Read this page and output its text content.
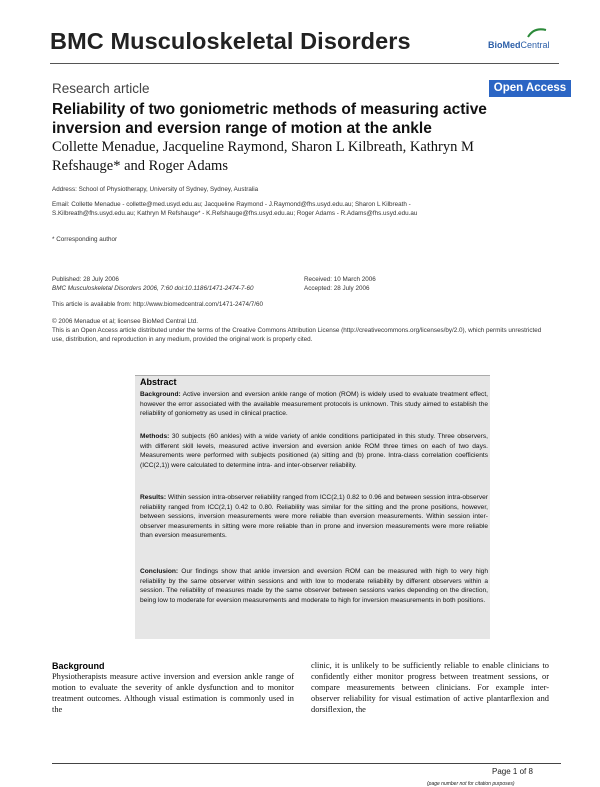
BMC Musculoskeletal Disorders	BioMedCentral
Research article	Open Access
Reliability of two goniometric methods of measuring active inversion and eversion range of motion at the ankle
Collette Menadue, Jacqueline Raymond, Sharon L Kilbreath, Kathryn M Refshauge* and Roger Adams
Address: School of Physiotherapy, University of Sydney, Sydney, Australia
Email: Collette Menadue - collette@med.usyd.edu.au; Jacqueline Raymond - J.Raymond@fhs.usyd.edu.au; Sharon L Kilbreath - S.Kilbreath@fhs.usyd.edu.au; Kathryn M Refshauge* - K.Refshauge@fhs.usyd.edu.au; Roger Adams - R.Adams@fhs.usyd.edu.au
* Corresponding author
Published: 28 July 2006
BMC Musculoskeletal Disorders 2006, 7:60 doi:10.1186/1471-2474-7-60
Received: 10 March 2006
Accepted: 28 July 2006
This article is available from: http://www.biomedcentral.com/1471-2474/7/60
© 2006 Menadue et al; licensee BioMed Central Ltd.
This is an Open Access article distributed under the terms of the Creative Commons Attribution License (http://creativecommons.org/licenses/by/2.0), which permits unrestricted use, distribution, and reproduction in any medium, provided the original work is properly cited.
Abstract
Background: Active inversion and eversion ankle range of motion (ROM) is widely used to evaluate treatment effect, however the error associated with the available measurement protocols is unknown. This study aimed to establish the reliability of goniometry as used in clinical practice.
Methods: 30 subjects (60 ankles) with a wide variety of ankle conditions participated in this study. Three observers, with different skill levels, measured active inversion and eversion ankle ROM three times on each of two days. Measurements were performed with subjects positioned (a) sitting and (b) prone. Intra-class correlation coefficients (ICC(2,1)) were calculated to determine intra- and inter-observer reliability.
Results: Within session intra-observer reliability ranged from ICC(2,1) 0.82 to 0.96 and between session intra-observer reliability ranged from ICC(2,1) 0.42 to 0.80. Reliability was similar for the sitting and the prone positions, however, between sessions, inversion measurements were more reliable than eversion measurements. Within session inter-observer measurements in sitting were more reliable than in prone and inversion measurements were more reliable than eversion measurements.
Conclusion: Our findings show that ankle inversion and eversion ROM can be measured with high to very high reliability by the same observer within sessions and with low to moderate reliability by different observers within a session. The reliability of measures made by the same observer between sessions varies depending on the direction, being low to moderate for eversion measurements and moderate to high for inversion measurements in both positions.
Background
Physiotherapists measure active inversion and eversion ankle range of motion to evaluate the severity of ankle dysfunction and to monitor treatment outcomes. Although visual estimation is commonly used in the
clinic, it is unlikely to be sufficiently reliable to enable clinicians to confidently either monitor progress between treatment sessions, or compare measurements between clinicians. For example inter-observer reliability for visual estimation of active plantarflexion and dorsiflexion, the
Page 1 of 8
(page number not for citation purposes)
